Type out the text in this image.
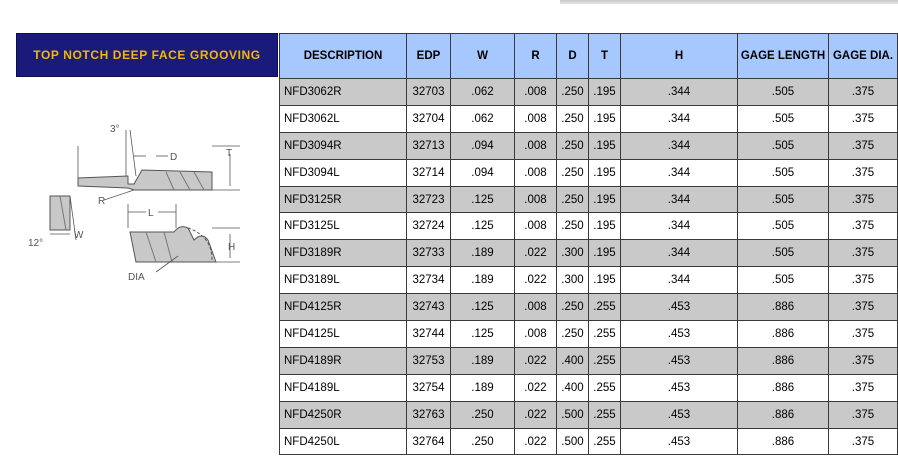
TOP NOTCH DEEP FACE GROOVING
3°
D	T
R
L
W
H
DIA
12°
DESCRIPTION	EDP	W	R	D	T	H	GAGE LENGTH	GAGE DIA.
NFD3062R	32703	.062	.008	.250	.195	.344	.505	.375
NFD3062L	32704	.062	.008	.250	.195	.344	.505	.375
NFD3094R	32713	.094	.008	.250	.195	.344	.505	.375
NFD3094L	32714	.094	.008	.250	.195	.344	.505	.375
NFD3125R	32723	.125	.008	.250	.195	.344	.505	.375
NFD3125L	32724	.125	.008	.250	.195	.344	.505	.375
NFD3189R	32733	.189	.022	.300	.195	.344	.505	.375
NFD3189L	32734	.189	.022	.300	.195	.344	.505	.375
NFD4125R	32743	.125	.008	.250	.255	.453	.886	.375
NFD4125L	32744	.125	.008	.250	.255	.453	.886	.375
NFD4189R	32753	.189	.022	.400	.255	.453	.886	.375
NFD4189L	32754	.189	.022	.400	.255	.453	.886	.375
NFD4250R	32763	.250	.022	.500	.255	.453	.886	.375
NFD4250L	32764	.250	.022	.500	.255	.453	.886	.375
